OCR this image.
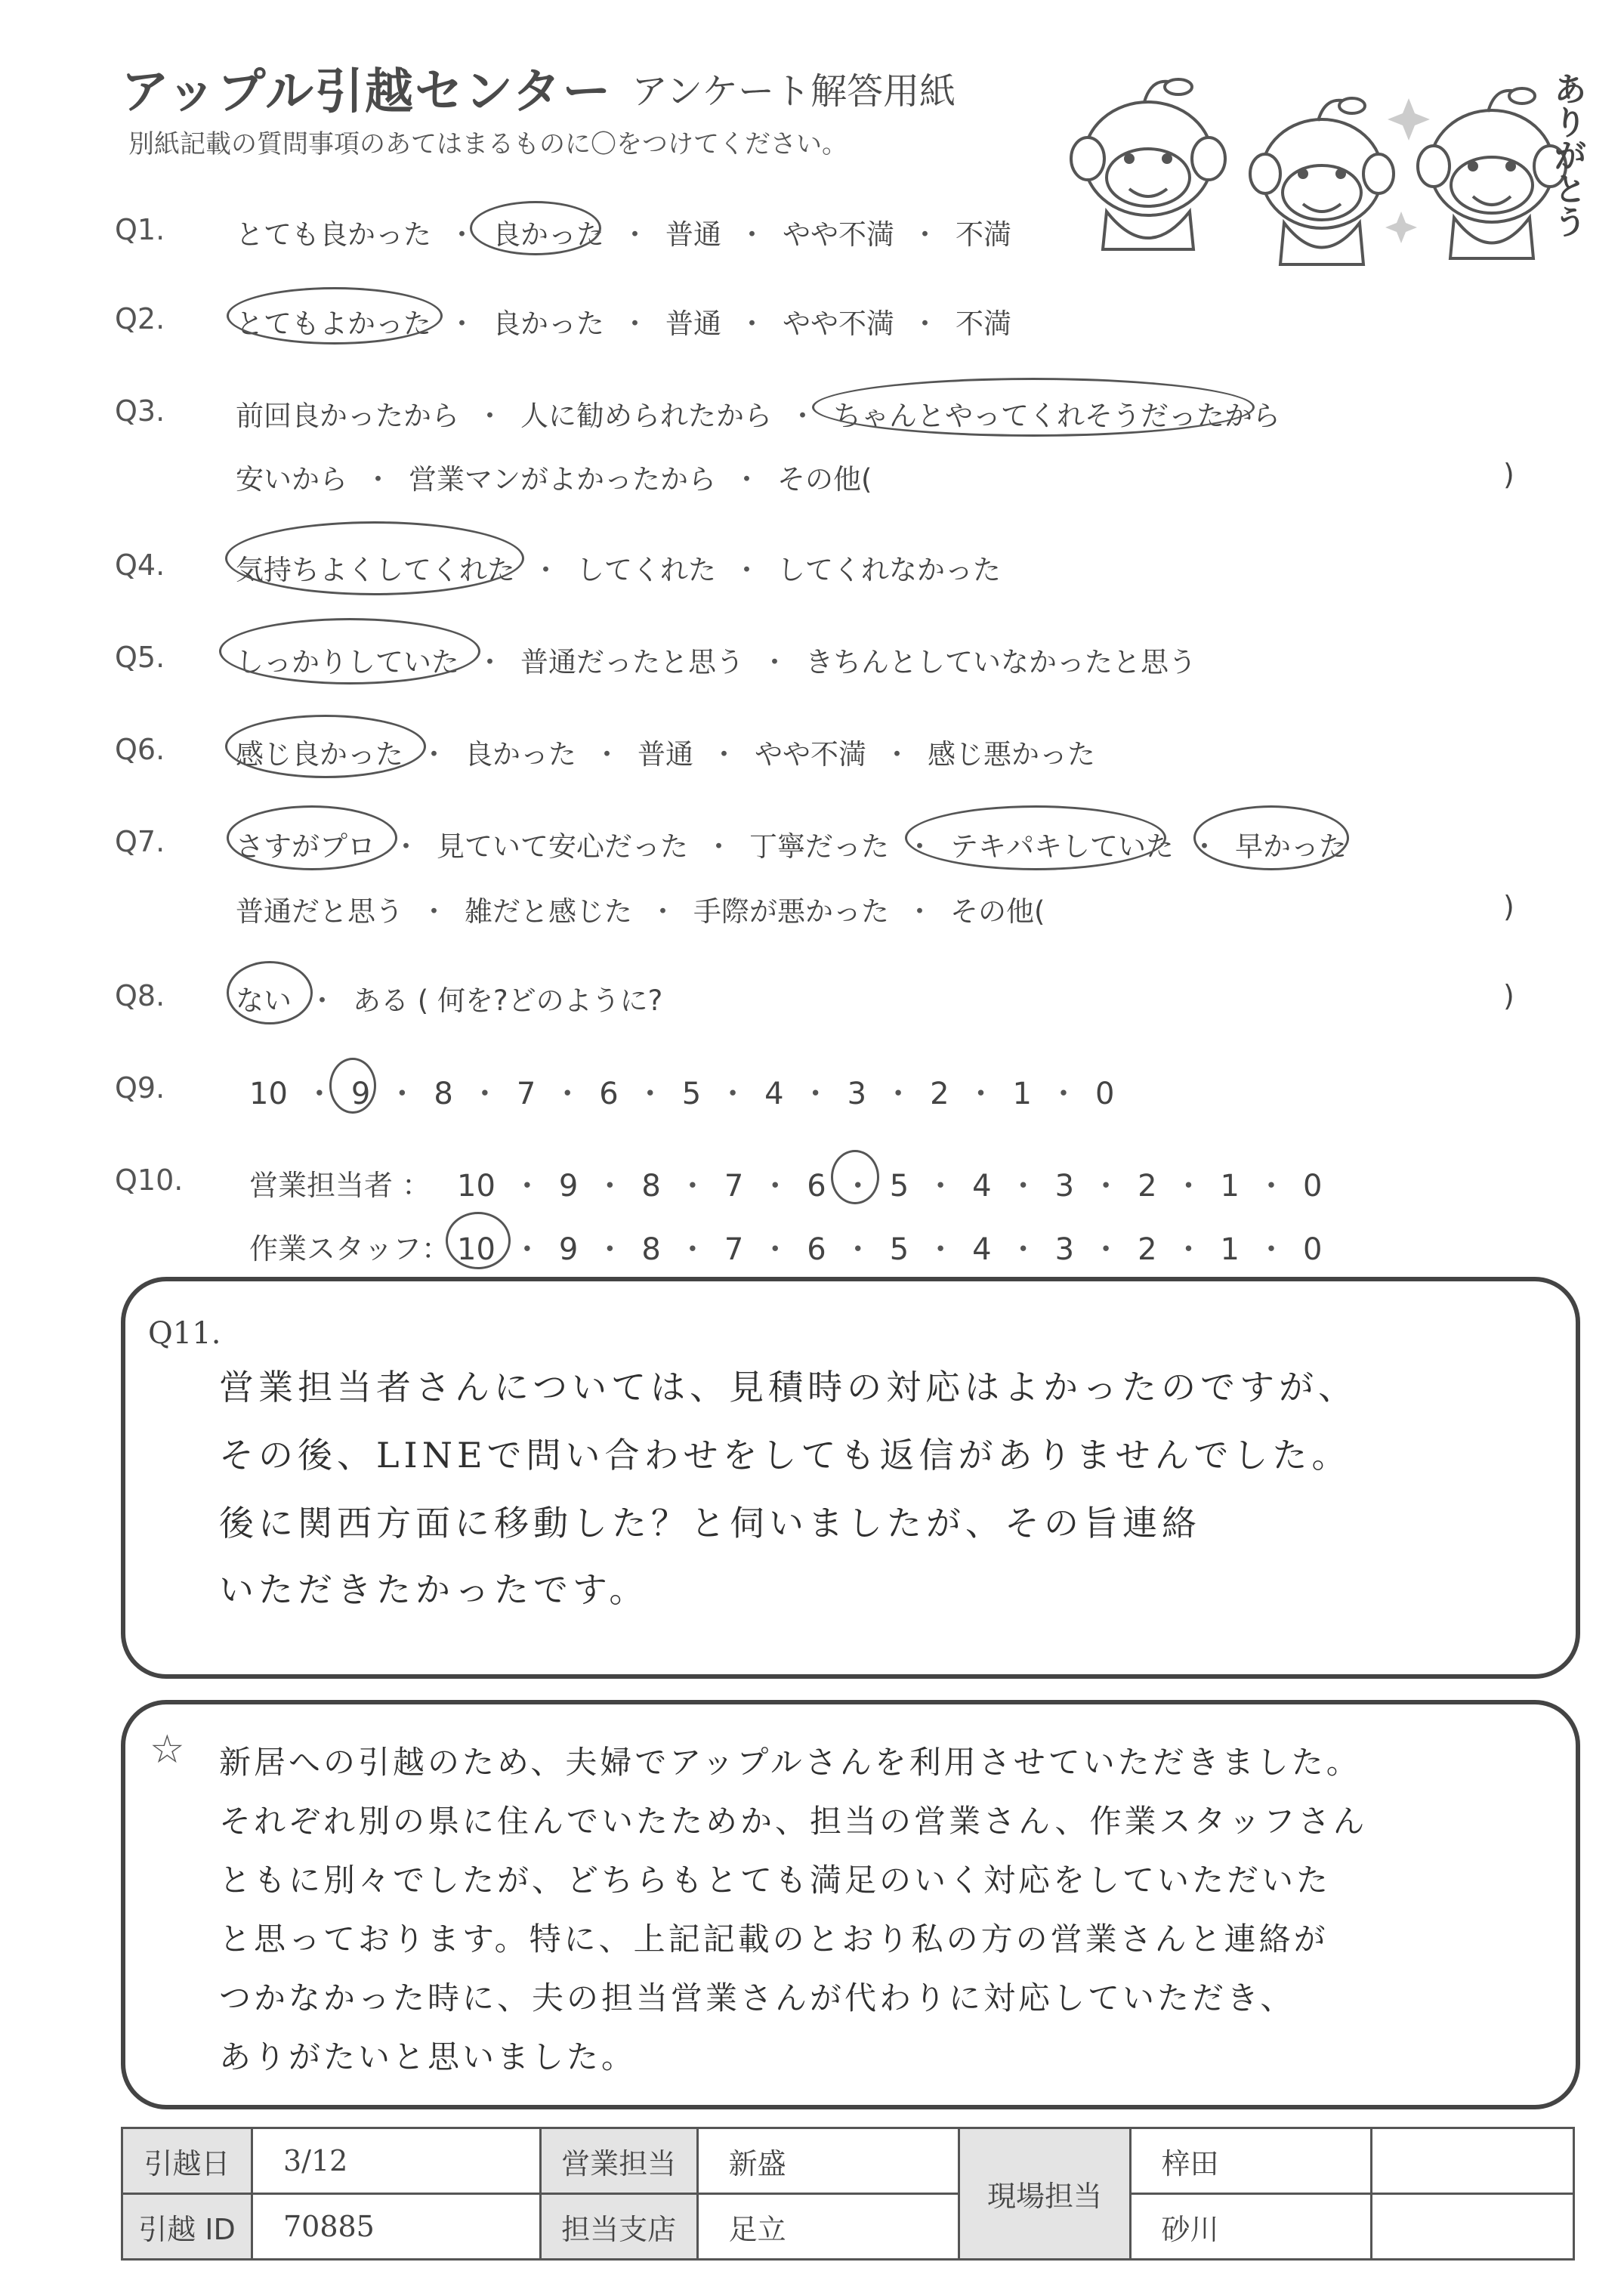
アップル引越センター アンケート解答用紙
別紙記載の質問事項のあてはまるものに〇をつけてください。	ありがとう
Q1.	とても良かった ・ 良かった ・ 普通 ・ やや不満 ・ 不満
Q2.	とてもよかった ・ 良かった ・ 普通 ・ やや不満 ・ 不満
Q3.	前回良かったから ・ 人に勧められたから ・ ちゃんとやってくれそうだったから
安いから ・ 営業マンがよかったから ・ その他(	)
Q4.	気持ちよくしてくれた ・ してくれた ・ してくれなかった
Q5.	しっかりしていた ・ 普通だったと思う ・ きちんとしていなかったと思う
Q6.	感じ良かった ・ 良かった ・ 普通 ・ やや不満 ・ 感じ悪かった
Q7.	さすがプロ ・ 見ていて安心だった ・ 丁寧だった ・ テキパキしていた ・ 早かった
普通だと思う ・ 雑だと感じた ・ 手際が悪かった ・ その他(	)
Q8.	ない ・ ある ( 何を?どのように?	)
Q9.	10 ・ 9 ・ 8 ・ 7 ・ 6 ・ 5 ・ 4 ・ 3 ・ 2 ・ 1 ・ 0
Q10. 営業担当者 ： 10 ・ 9 ・ 8 ・ 7 ・ 6 ・ 5 ・ 4 ・ 3 ・ 2 ・ 1 ・ 0
作業スタッフ： 10 ・ 9 ・ 8 ・ 7 ・ 6 ・ 5 ・ 4 ・ 3 ・ 2 ・ 1 ・ 0
Q11.
営業担当者さんについては、見積時の対応はよかったのですが、
その後、LINEで問い合わせをしても返信がありませんでした。
後に関西方面に移動した？と伺いましたが、その旨連絡
いただきたかったです。
☆ 新居への引越のため、夫婦でアップルさんを利用させていただきました。
それぞれ別の県に住んでいたためか、担当の営業さん、作業スタッフさん
ともに別々でしたが、どちらもとても満足のいく対応をしていただいた
と思っております。特に、上記記載のとおり私の方の営業さんと連絡が
つかなかった時に、夫の担当営業さんが代わりに対応していただき、
ありがたいと思いました。
引越日	3/12	営業担当	新盛	現場担当	梓田	
引越 ID	70885	担当支店	足立		砂川	
